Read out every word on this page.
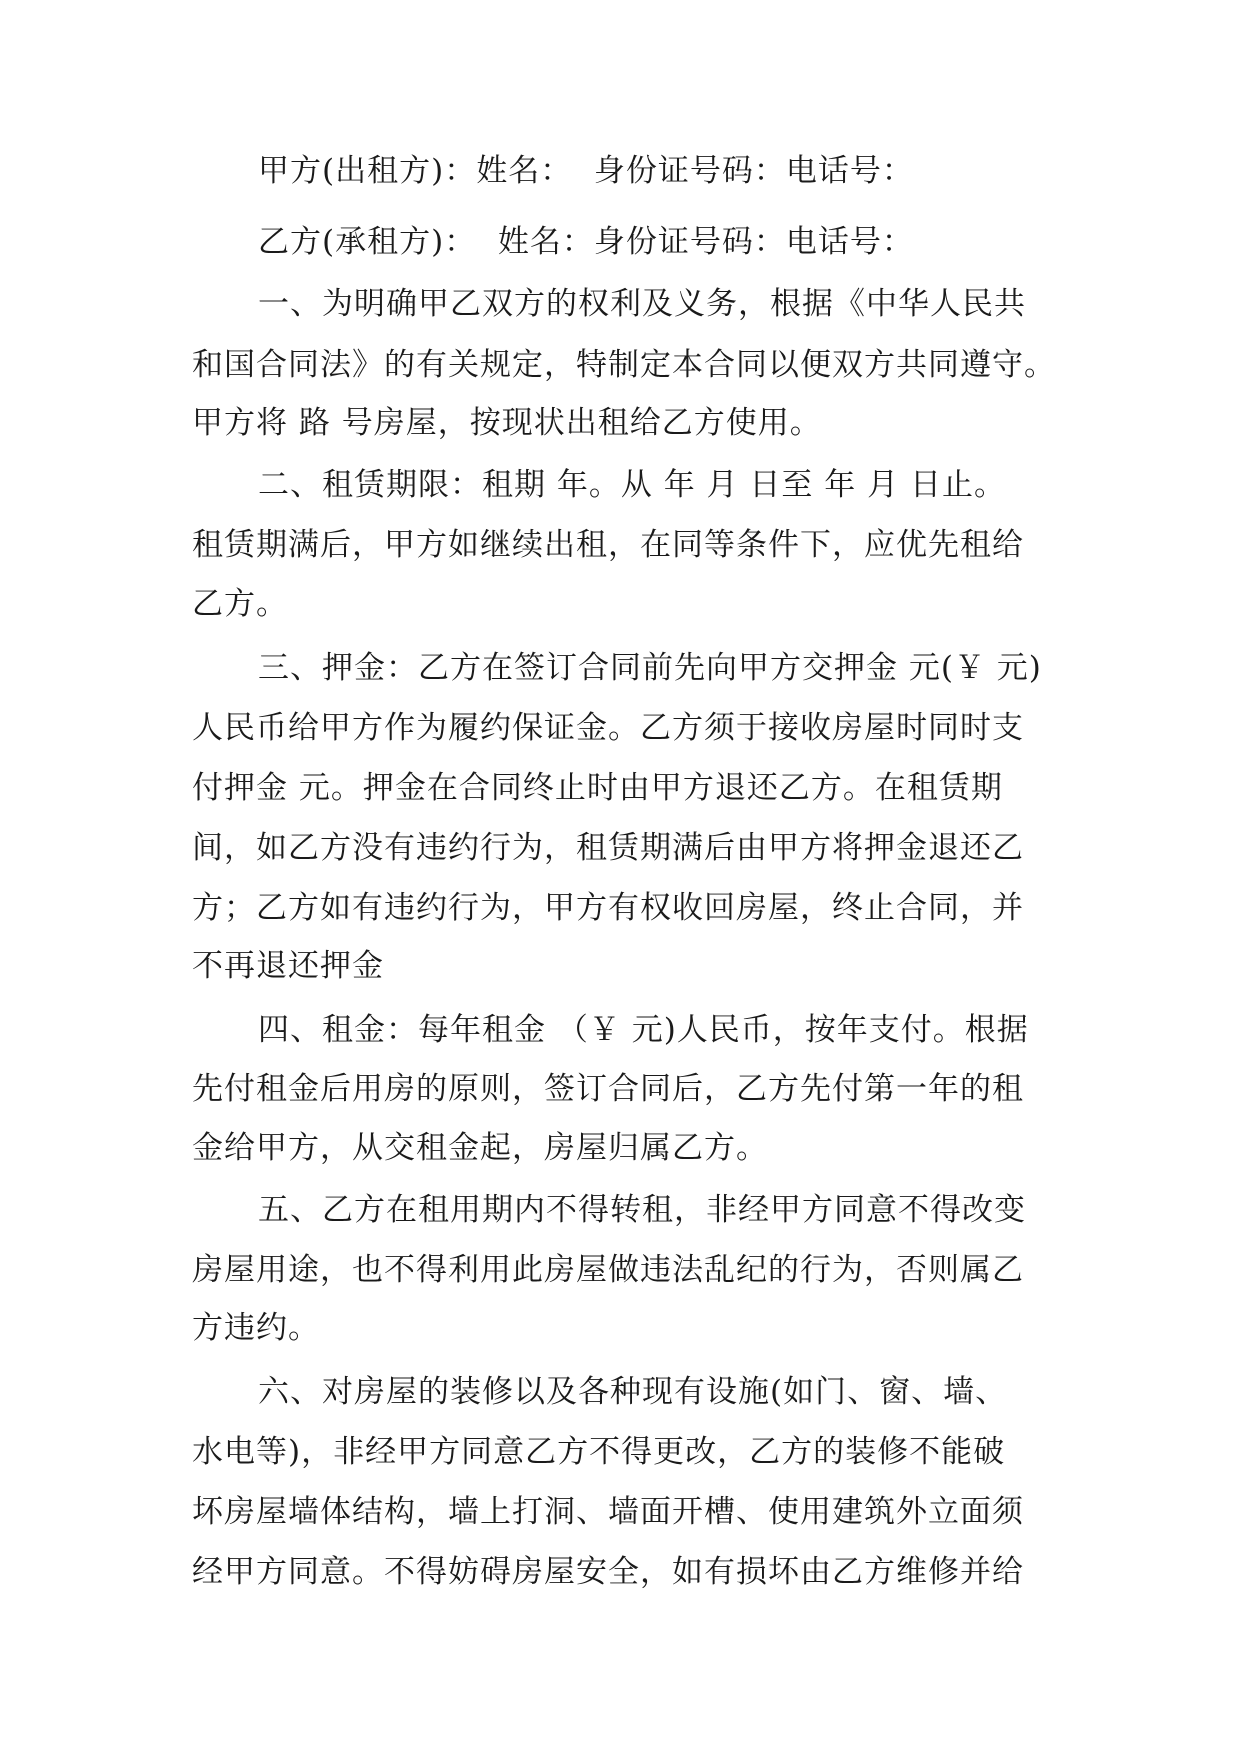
甲方(出租方)：姓名：  身份证号码：电话号：
乙方(承租方)：  姓名：身份证号码：电话号：
一、为明确甲乙双方的权利及义务，根据《中华人民共
和国合同法》的有关规定，特制定本合同以便双方共同遵守。
甲方将 路 号房屋，按现状出租给乙方使用。
二、租赁期限：租期 年。从 年 月 日至 年 月 日止。
租赁期满后，甲方如继续出租，在同等条件下，应优先租给
乙方。
三、押金：乙方在签订合同前先向甲方交押金 元(￥ 元)
人民币给甲方作为履约保证金。乙方须于接收房屋时同时支
付押金 元。押金在合同终止时由甲方退还乙方。在租赁期
间，如乙方没有违约行为，租赁期满后由甲方将押金退还乙
方；乙方如有违约行为，甲方有权收回房屋，终止合同，并
不再退还押金
四、租金：每年租金 （￥ 元)人民币，按年支付。根据
先付租金后用房的原则，签订合同后，乙方先付第一年的租
金给甲方，从交租金起，房屋归属乙方。
五、乙方在租用期内不得转租，非经甲方同意不得改变
房屋用途，也不得利用此房屋做违法乱纪的行为，否则属乙
方违约。
六、对房屋的装修以及各种现有设施(如门、窗、墙、
水电等)，非经甲方同意乙方不得更改，乙方的装修不能破
坏房屋墙体结构，墙上打洞、墙面开槽、使用建筑外立面须
经甲方同意。不得妨碍房屋安全，如有损坏由乙方维修并给
